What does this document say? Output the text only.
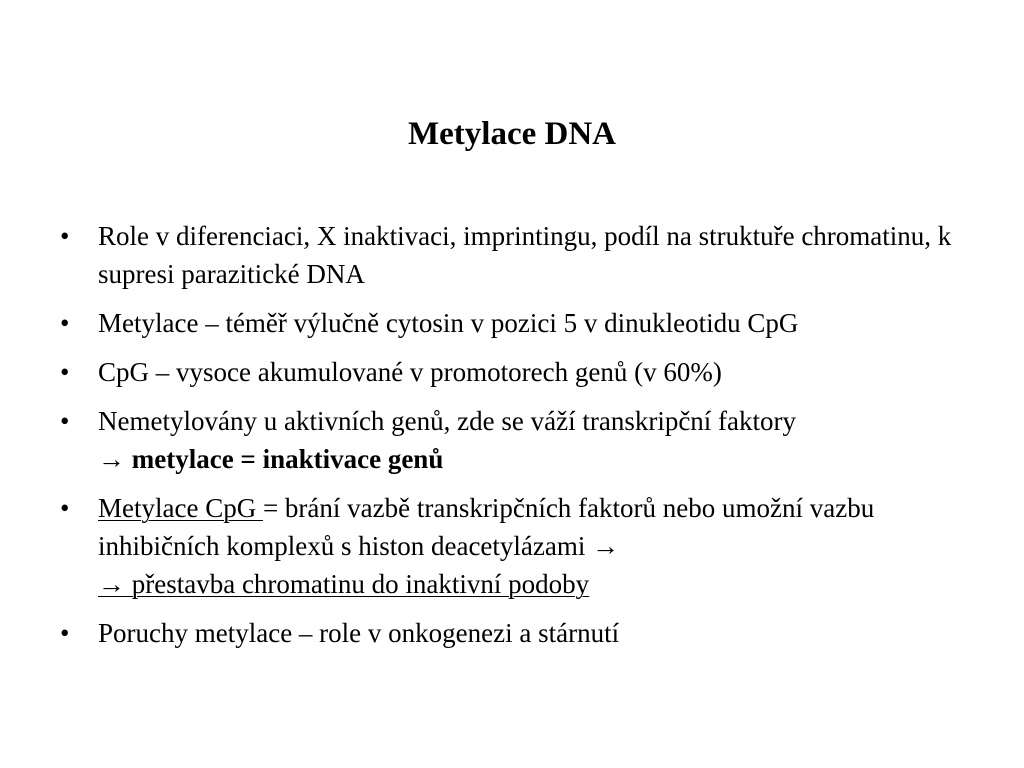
Metylace DNA
•	Role v diferenciaci, X inaktivaci, imprintingu, podíl na struktuře chromatinu, k supresi parazitické DNA
•	Metylace – téměř výlučně cytosin v pozici 5 v dinukleotidu CpG
•	CpG – vysoce akumulované v promotorech genů (v 60%)
•	Nemetylovány u aktivních genů, zde se váží transkripční faktory
→ metylace = inaktivace genů
•	Metylace CpG = brání vazbě transkripčních faktorů nebo umožní vazbu inhibičních komplexů s histon deacetylázami →
→ přestavba chromatinu do inaktivní podoby
•	Poruchy metylace – role v onkogenezi a stárnutí
